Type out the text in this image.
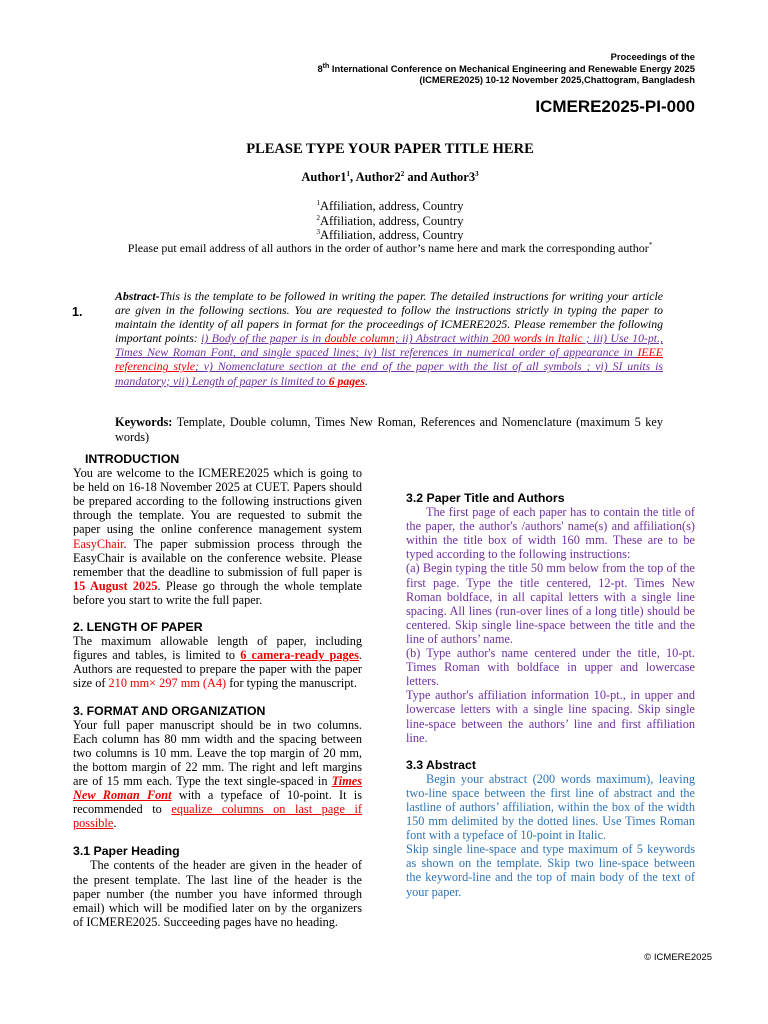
Proceedings of the
8th International Conference on Mechanical Engineering and Renewable Energy 2025
(ICMERE2025) 10-12 November 2025,Chattogram, Bangladesh
ICMERE2025-PI-000
PLEASE TYPE YOUR PAPER TITLE HERE
$Author1^1$, $Author2^2$ and $Author3^3$
$^1$Affiliation, address, Country
$^2$Affiliation, address, Country
$^3$Affiliation, address, Country
Please put email address of all authors in the order of author’s name here and mark the corresponding author*
1.
Abstract-This is the template to be followed in writing the paper. The detailed instructions for writing your article are given in the following sections. You are requested to follow the instructions strictly in typing the paper to maintain the identity of all papers in format for the proceedings of ICMERE2025. Please remember the following important points: i) Body of the paper is in double column; ii) Abstract within 200 words in Italic ; iii) Use 10-pt., Times New Roman Font, and single spaced lines; iv) list references in numerical order of appearance in IEEE referencing style; v) Nomenclature section at the end of the paper with the list of all symbols ; vi) SI units is mandatory; vii) Length of paper is limited to 6 pages.
Keywords: Template, Double column, Times New Roman, References and Nomenclature (maximum 5 key words)

INTRODUCTION

You are welcome to the ICMERE2025 which is going to be held on 16-18 November 2025 at CUET. Papers should be prepared according to the following instructions given through the template. You are requested to submit the paper using the online conference management system EasyChair. The paper submission process through the EasyChair is available on the conference website. Please remember that the deadline to submission of full paper is 15 August 2025. Please go through the whole template before you start to write the full paper.

2. LENGTH OF PAPER

The maximum allowable length of paper, including figures and tables, is limited to 6 camera-ready pages. Authors are requested to prepare the paper with the paper size of 210 mm× 297 mm (A4) for typing the manuscript.

3. FORMAT AND ORGANIZATION

Your full paper manuscript should be in two columns. Each column has 80 mm width and the spacing between two columns is 10 mm. Leave the top margin of 20 mm, the bottom margin of 22 mm. The right and left margins are of 15 mm each. Type the text single-spaced in Times New Roman Font with a typeface of 10-point. It is recommended to equalize columns on last page if possible.

3.1 Paper Heading

The contents of the header are given in the header of the present template. The last line of the header is the paper number (the number you have informed through email) which will be modified later on by the organizers of ICMERE2025. Succeeding pages have no heading.

3.2 Paper Title and Authors

The first page of each paper has to contain the title of the paper, the author's /authors' name(s) and affiliation(s) within the title box of width 160 mm. These are to be typed according to the following instructions:

(a) Begin typing the title 50 mm below from the top of the first page. Type the title centered, 12-pt. Times New Roman boldface, in all capital letters with a single line spacing. All lines (run-over lines of a long title) should be centered. Skip single line-space between the title and the line of authors’ name.

(b) Type author's name centered under the title, 10-pt. Times Roman with boldface in upper and lowercase letters.

Type author's affiliation information 10-pt., in upper and lowercase letters with a single line spacing. Skip single line-space between the authors’ line and first affiliation line.

3.3 Abstract

Begin your abstract (200 words maximum), leaving two-line space between the first line of abstract and the lastline of authors’ affiliation, within the box of the width 150 mm delimited by the dotted lines. Use Times Roman font with a typeface of 10-point in Italic.

Skip single line-space and type maximum of 5 keywords as shown on the template. Skip two line-space between the keyword-line and the top of main body of the text of your paper.

© ICMERE2025
